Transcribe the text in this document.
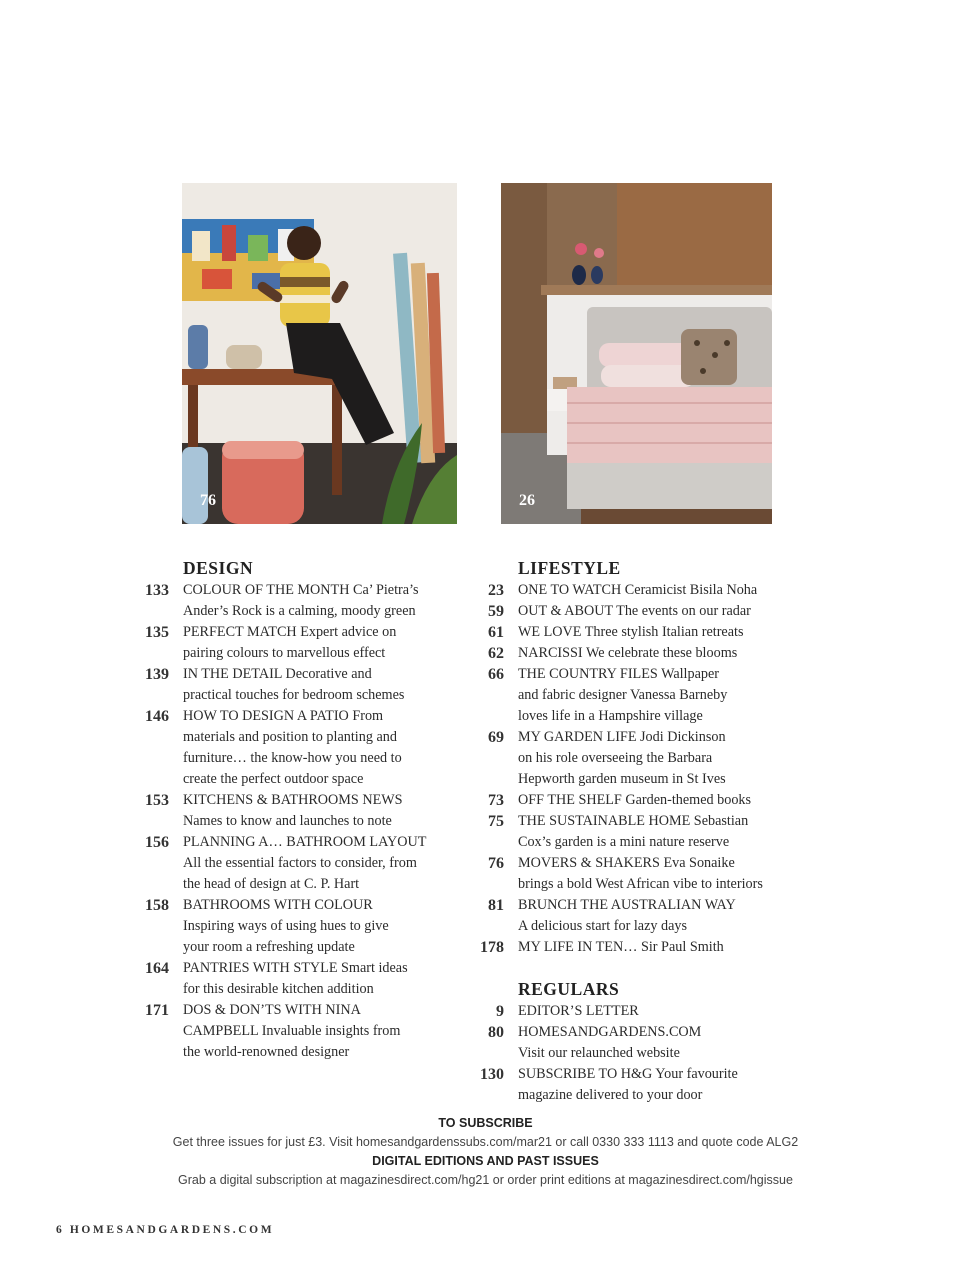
76	26
DESIGN
133 COLOUR OF THE MONTH Ca’ Pietra’s
Ander’s Rock is a calming, moody green
135 PERFECT MATCH Expert advice on
pairing colours to marvellous effect
139 IN THE DETAIL Decorative and
practical touches for bedroom schemes
146 HOW TO DESIGN A PATIO From
materials and position to planting and
furniture… the know-how you need to
create the perfect outdoor space
153 KITCHENS & BATHROOMS NEWS
Names to know and launches to note
156 PLANNING A… BATHROOM LAYOUT
All the essential factors to consider, from
the head of design at C. P. Hart
158 BATHROOMS WITH COLOUR
Inspiring ways of using hues to give
your room a refreshing update
164 PANTRIES WITH STYLE Smart ideas
for this desirable kitchen addition
171 DOS & DON’TS WITH NINA
CAMPBELL Invaluable insights from
the world-renowned designer
LIFESTYLE
23 ONE TO WATCH Ceramicist Bisila Noha
59 OUT & ABOUT The events on our radar
61 WE LOVE Three stylish Italian retreats
62 NARCISSI We celebrate these blooms
66 THE COUNTRY FILES Wallpaper
and fabric designer Vanessa Barneby
loves life in a Hampshire village
69 MY GARDEN LIFE Jodi Dickinson
on his role overseeing the Barbara
Hepworth garden museum in St Ives
73 OFF THE SHELF Garden-themed books
75 THE SUSTAINABLE HOME Sebastian
Cox’s garden is a mini nature reserve
76 MOVERS & SHAKERS Eva Sonaike
brings a bold West African vibe to interiors
81 BRUNCH THE AUSTRALIAN WAY
A delicious start for lazy days
178 MY LIFE IN TEN… Sir Paul Smith
REGULARS
9 EDITOR’S LETTER
80 HOMESANDGARDENS.COM
Visit our relaunched website
130 SUBSCRIBE TO H&G Your favourite
magazine delivered to your door
TO SUBSCRIBE
Get three issues for just £3. Visit homesandgardenssubs.com/mar21 or call 0330 333 1113 and quote code ALG2
DIGITAL EDITIONS AND PAST ISSUES
Grab a digital subscription at magazinesdirect.com/hg21 or order print editions at magazinesdirect.com/hgissue
6 HOMESANDGARDENS.COM
